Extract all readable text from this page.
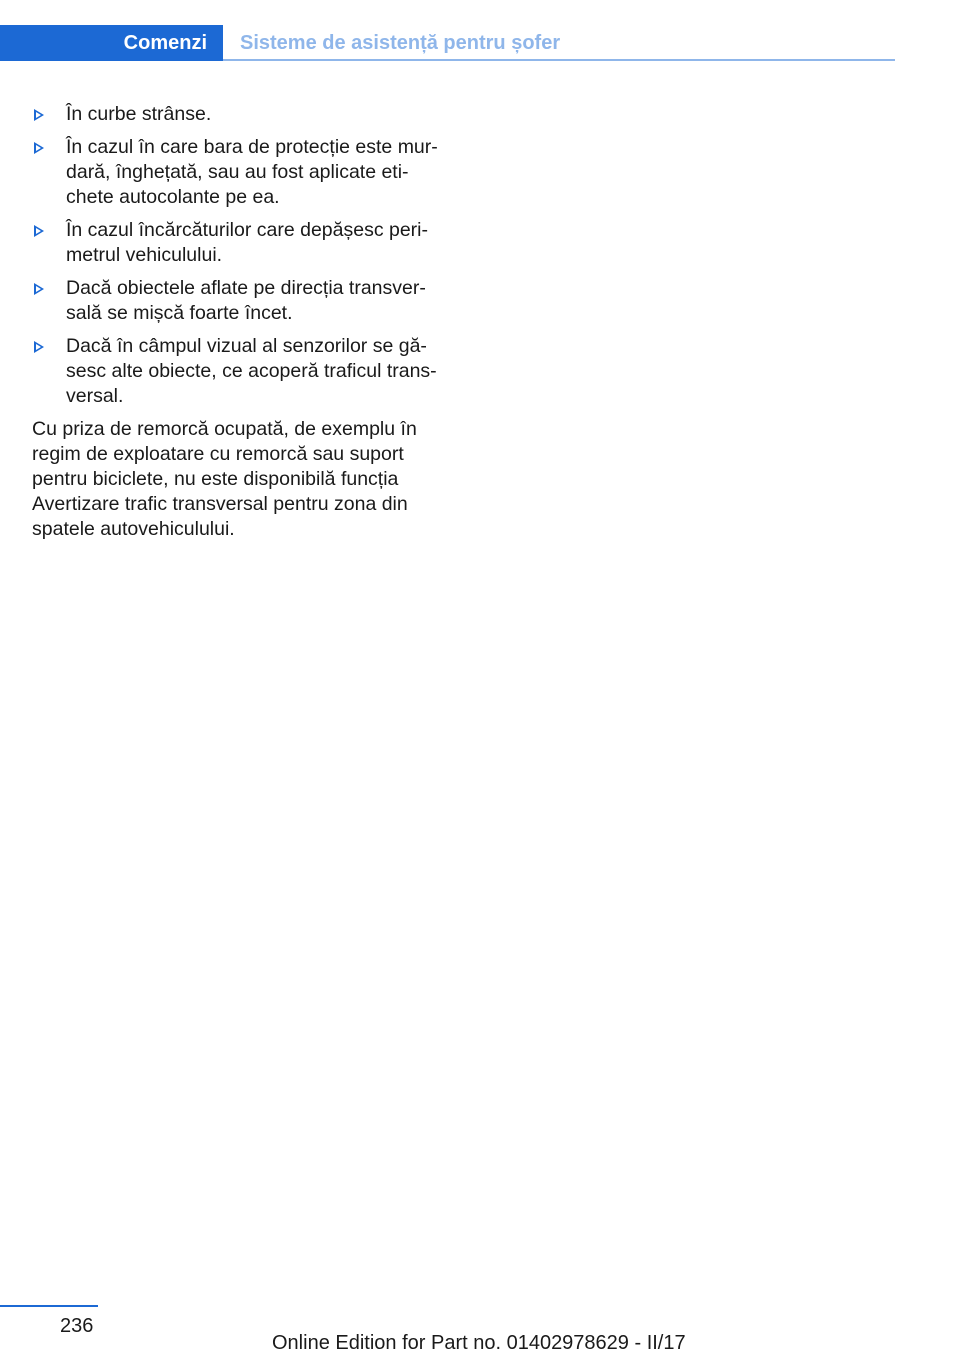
Comenzi	Sisteme de asistență pentru șofer
În curbe strânse.
În cazul în care bara de protecție este mur-
dară, înghețată, sau au fost aplicate eti-
chete autocolante pe ea.
În cazul încărcăturilor care depășesc peri-
metrul vehiculului.
Dacă obiectele aflate pe direcția transver-
sală se mișcă foarte încet.
Dacă în câmpul vizual al senzorilor se gă-
sesc alte obiecte, ce acoperă traficul trans-
versal.

Cu priza de remorcă ocupată, de exemplu în
regim de exploatare cu remorcă sau suport
pentru biciclete, nu este disponibilă funcția
Avertizare trafic transversal pentru zona din
spatele autovehiculului.

236
Online Edition for Part no. 01402978629 - II/17
